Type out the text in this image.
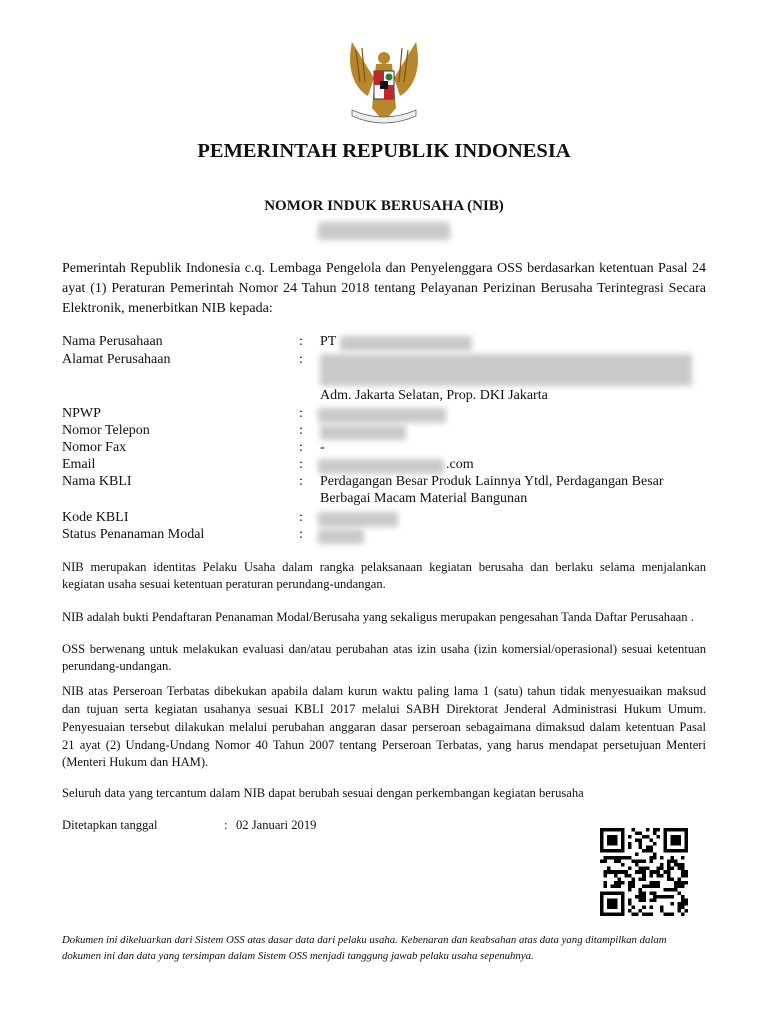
PEMERINTAH REPUBLIK INDONESIA
NOMOR INDUK BERUSAHA (NIB)
Pemerintah Republik Indonesia c.q. Lembaga Pengelola dan Penyelenggara OSS berdasarkan ketentuan Pasal 24
ayat (1) Peraturan Pemerintah Nomor 24 Tahun 2018 tentang Pelayanan Perizinan Berusaha Terintegrasi Secara
Elektronik, menerbitkan NIB kepada:
Nama Perusahaan	: PT
Alamat Perusahaan	:
Adm. Jakarta Selatan, Prop. DKI Jakarta
NPWP	:
Nomor Telepon	:
Nomor Fax	: -
Email	:	.com
Nama KBLI	: Perdagangan Besar Produk Lainnya Ytdl, Perdagangan Besar
Berbagai Macam Material Bangunan
Kode KBLI	:
Status Penanaman Modal	:
NIB merupakan identitas Pelaku Usaha dalam rangka pelaksanaan kegiatan berusaha dan berlaku selama menjalankan
kegiatan usaha sesuai ketentuan peraturan perundang-undangan.
NIB adalah bukti Pendaftaran Penanaman Modal/Berusaha yang sekaligus merupakan pengesahan Tanda Daftar Perusahaan .
OSS berwenang untuk melakukan evaluasi dan/atau perubahan atas izin usaha (izin komersial/operasional) sesuai ketentuan
perundang-undangan.
NIB atas Perseroan Terbatas dibekukan apabila dalam kurun waktu paling lama 1 (satu) tahun tidak menyesuaikan maksud
dan tujuan serta kegiatan usahanya sesuai KBLI 2017 melalui SABH Direktorat Jenderal Administrasi Hukum Umum.
Penyesuaian tersebut dilakukan melalui perubahan anggaran dasar perseroan sebagaimana dimaksud dalam ketentuan Pasal
21 ayat (2) Undang-Undang Nomor 40 Tahun 2007 tentang Perseroan Terbatas, yang harus mendapat persetujuan Menteri
(Menteri Hukum dan HAM).
Seluruh data yang tercantum dalam NIB dapat berubah sesuai dengan perkembangan kegiatan berusaha
Ditetapkan tanggal	: 02 Januari 2019
Dokumen ini dikeluarkan dari Sistem OSS atas dasar data dari pelaku usaha. Kebenaran dan keabsahan atas data yang ditampilkan dalam
dokumen ini dan data yang tersimpan dalam Sistem OSS menjadi tanggung jawab pelaku usaha sepenuhnya.
